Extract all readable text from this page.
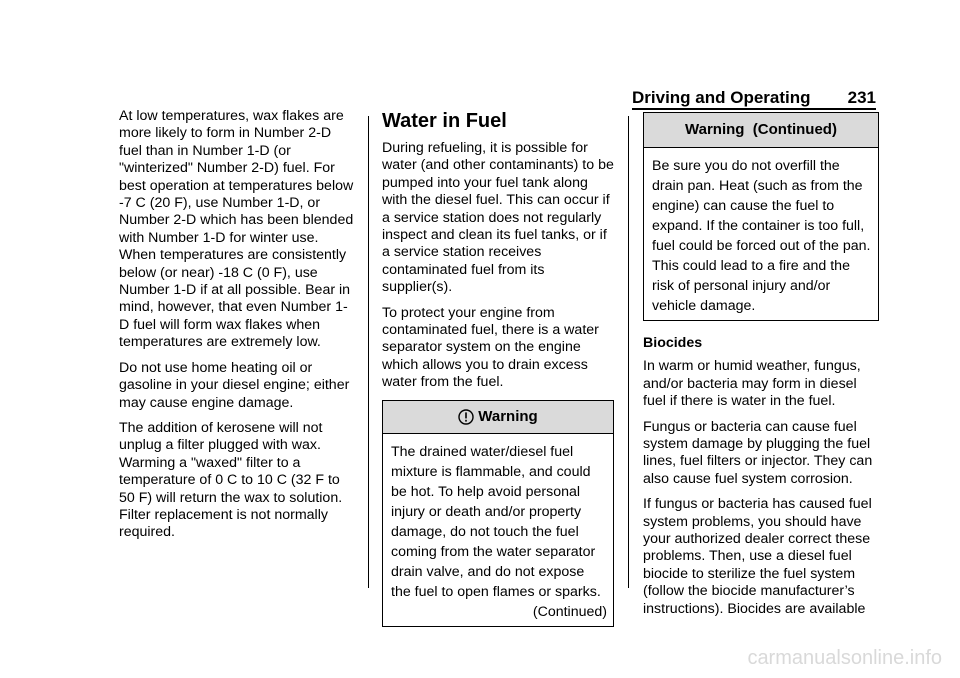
Driving and Operating 231

At low temperatures, wax flakes are more likely to form in Number 2-D fuel than in Number 1-D (or "winterized" Number 2-D) fuel. For best operation at temperatures below -7 C (20 F), use Number 1-D, or Number 2-D which has been blended with Number 1-D for winter use. When temperatures are consistently below (or near) -18 C (0 F), use Number 1-D if at all possible. Bear in mind, however, that even Number 1-D fuel will form wax flakes when temperatures are extremely low.

Do not use home heating oil or gasoline in your diesel engine; either may cause engine damage.

The addition of kerosene will not unplug a filter plugged with wax. Warming a "waxed" filter to a temperature of 0 C to 10 C (32 F to 50 F) will return the wax to solution. Filter replacement is not normally required.

Water in Fuel

During refueling, it is possible for water (and other contaminants) to be pumped into your fuel tank along with the diesel fuel. This can occur if a service station does not regularly inspect and clean its fuel tanks, or if a service station receives contaminated fuel from its supplier(s).

To protect your engine from contaminated fuel, there is a water separator system on the engine which allows you to drain excess water from the fuel.

Warning
The drained water/diesel fuel mixture is flammable, and could be hot. To help avoid personal injury or death and/or property damage, do not touch the fuel coming from the water separator drain valve, and do not expose the fuel to open flames or sparks.
(Continued)
Warning  (Continued)
Be sure you do not overfill the drain pan. Heat (such as from the engine) can cause the fuel to expand. If the container is too full, fuel could be forced out of the pan. This could lead to a fire and the risk of personal injury and/or vehicle damage.
Biocides

In warm or humid weather, fungus, and/or bacteria may form in diesel fuel if there is water in the fuel.

Fungus or bacteria can cause fuel system damage by plugging the fuel lines, fuel filters or injector. They can also cause fuel system corrosion.

If fungus or bacteria has caused fuel system problems, you should have your authorized dealer correct these problems. Then, use a diesel fuel biocide to sterilize the fuel system (follow the biocide manufacturer’s instructions). Biocides are available

carmanualsonline.info
